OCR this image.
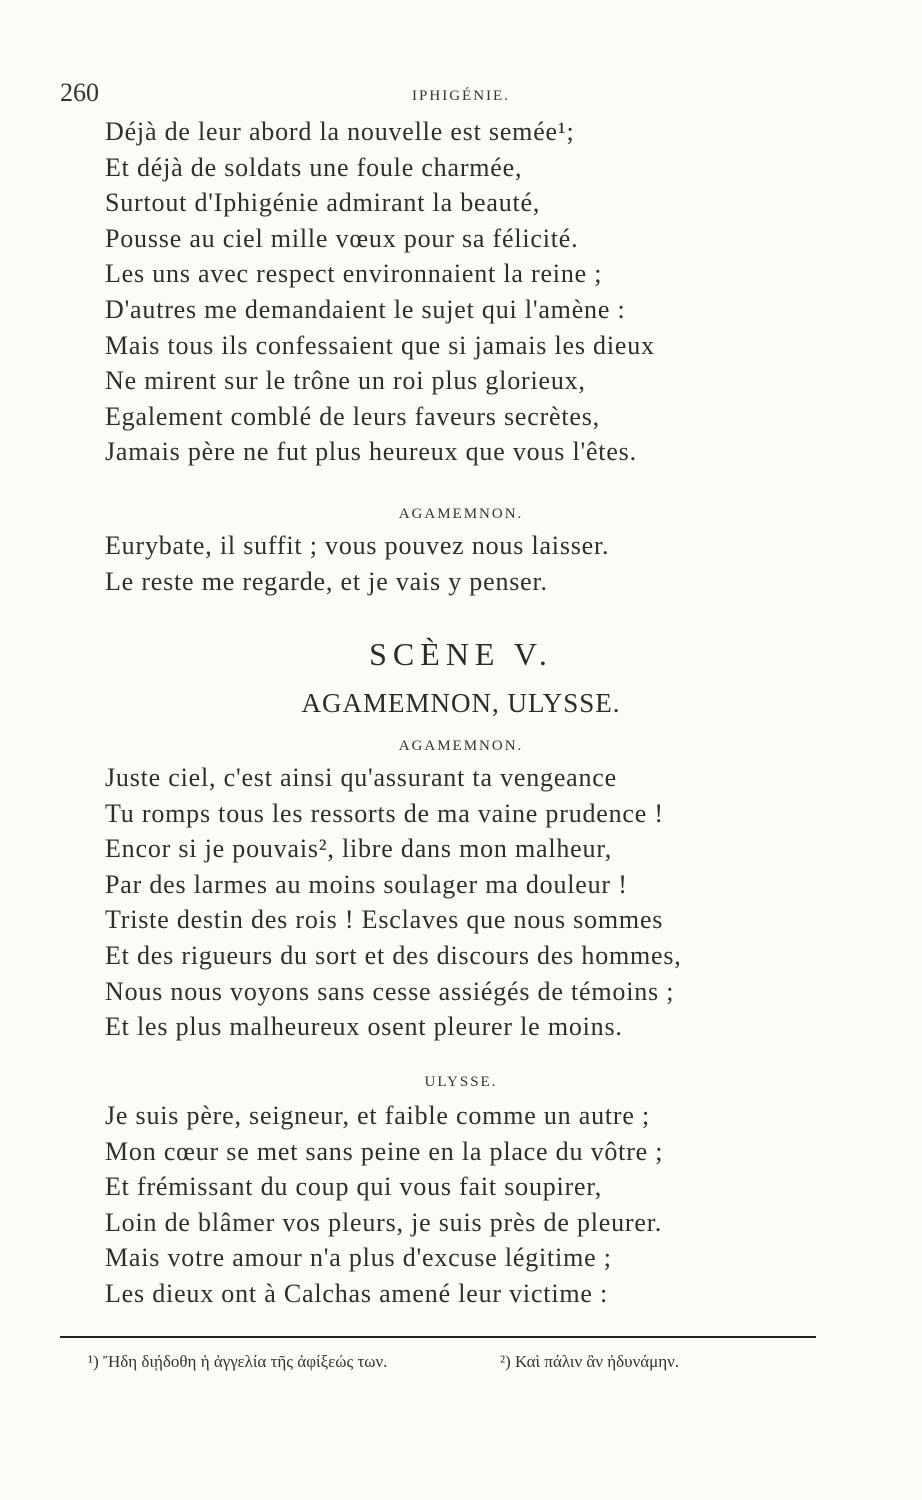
260	IPHIGÉNIE.
Déjà de leur abord la nouvelle est semée¹;
Et déjà de soldats une foule charmée,
Surtout d'Iphigénie admirant la beauté,
Pousse au ciel mille vœux pour sa félicité.
Les uns avec respect environnaient la reine ;
D'autres me demandaient le sujet qui l'amène :
Mais tous ils confessaient que si jamais les dieux
Ne mirent sur le trône un roi plus glorieux,
Egalement comblé de leurs faveurs secrètes,
Jamais père ne fut plus heureux que vous l'êtes.
AGAMEMNON.
Eurybate, il suffit ; vous pouvez nous laisser.
Le reste me regarde, et je vais y penser.
SCÈNE V.
AGAMEMNON, ULYSSE.
AGAMEMNON.
Juste ciel, c'est ainsi qu'assurant ta vengeance
Tu romps tous les ressorts de ma vaine prudence !
Encor si je pouvais², libre dans mon malheur,
Par des larmes au moins soulager ma douleur !
Triste destin des rois ! Esclaves que nous sommes
Et des rigueurs du sort et des discours des hommes,
Nous nous voyons sans cesse assiégés de témoins ;
Et les plus malheureux osent pleurer le moins.
ULYSSE.
Je suis père, seigneur, et faible comme un autre ;
Mon cœur se met sans peine en la place du vôtre ;
Et frémissant du coup qui vous fait soupirer,
Loin de blâmer vos pleurs, je suis près de pleurer.
Mais votre amour n'a plus d'excuse légitime ;
Les dieux ont à Calchas amené leur victime :
¹) Ἤδη διῄδοθη ἡ ἀγγελία τῆς ἀφίξεώς των.	²) Καὶ πάλιν ἂν ἠδυνάμην.
